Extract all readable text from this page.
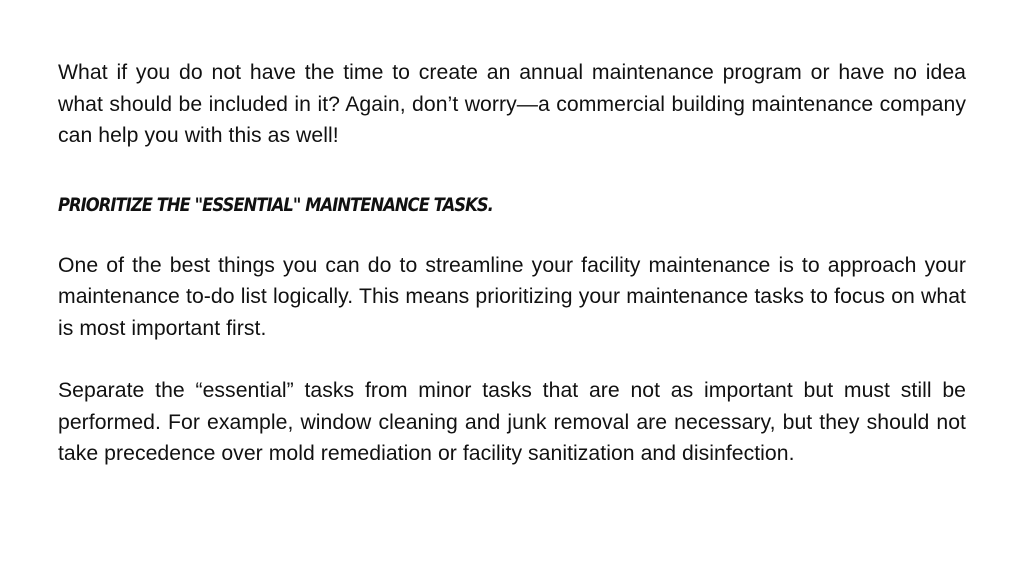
What if you do not have the time to create an annual maintenance program or have no idea what should be included in it? Again, don’t worry—a commercial building maintenance company can help you with this as well!

PRIORITIZE THE "ESSENTIAL" MAINTENANCE TASKS.

One of the best things you can do to streamline your facility maintenance is to approach your maintenance to-do list logically. This means prioritizing your maintenance tasks to focus on what is most important first.

Separate the “essential” tasks from minor tasks that are not as important but must still be performed. For example, window cleaning and junk removal are necessary, but they should not take precedence over mold remediation or facility sanitization and disinfection.
